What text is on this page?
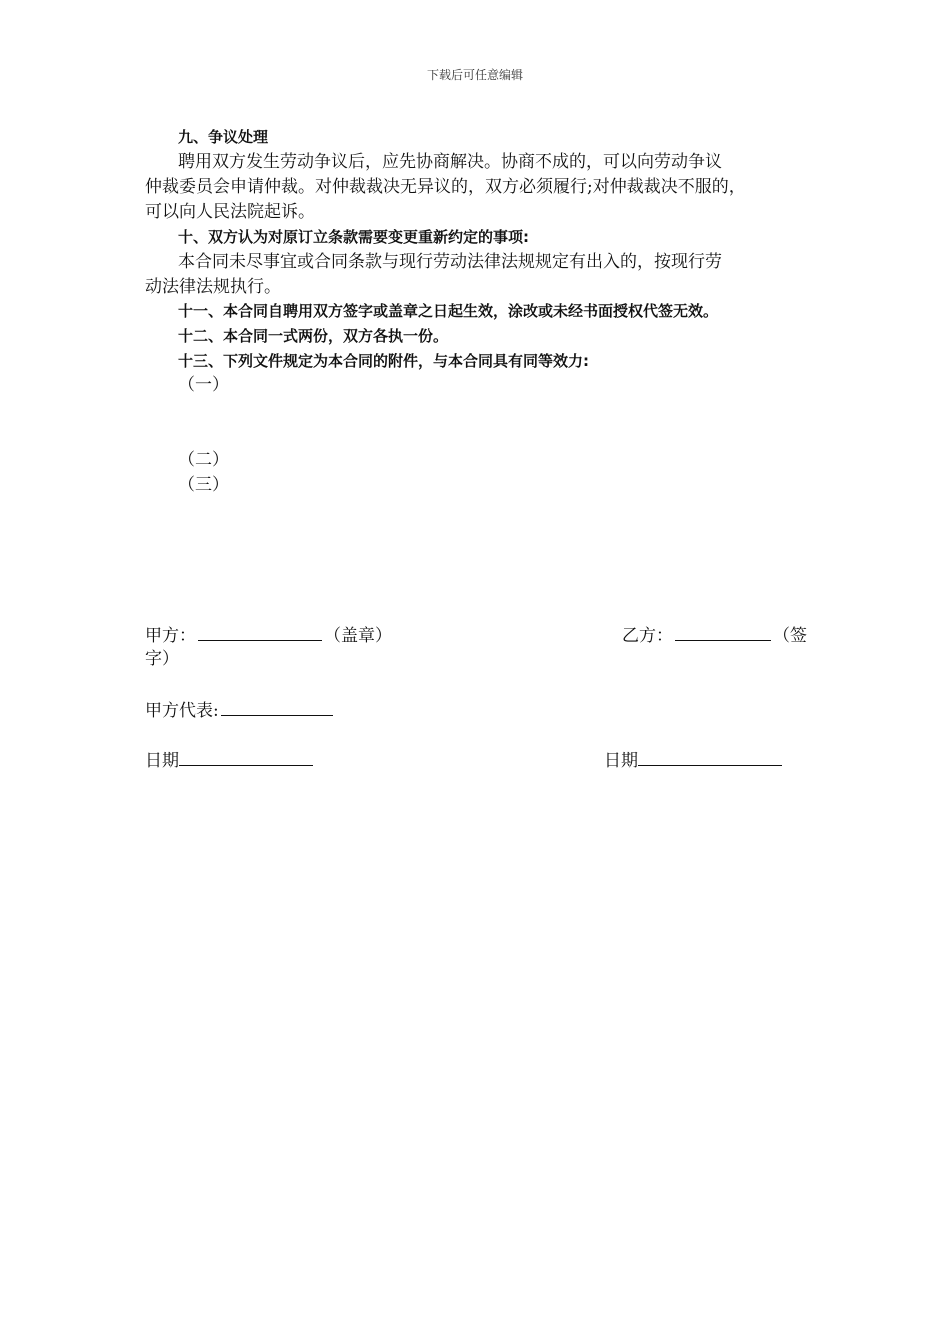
下载后可任意编辑
九、争议处理
聘用双方发生劳动争议后，应先协商解决。协商不成的，可以向劳动争议
仲裁委员会申请仲裁。对仲裁裁决无异议的，双方必须履行;对仲裁裁决不服的，
可以向人民法院起诉。
十、双方认为对原订立条款需要变更重新约定的事项:
本合同未尽事宜或合同条款与现行劳动法律法规规定有出入的，按现行劳
动法律法规执行。
十一、本合同自聘用双方签字或盖章之日起生效，涂改或未经书面授权代签无效。
十二、本合同一式两份，双方各执一份。
十三、下列文件规定为本合同的附件，与本合同具有同等效力:
（一）
（二）
（三）
甲方：	（盖章）	乙方：	（签
字）
甲方代表:
日期	日期
